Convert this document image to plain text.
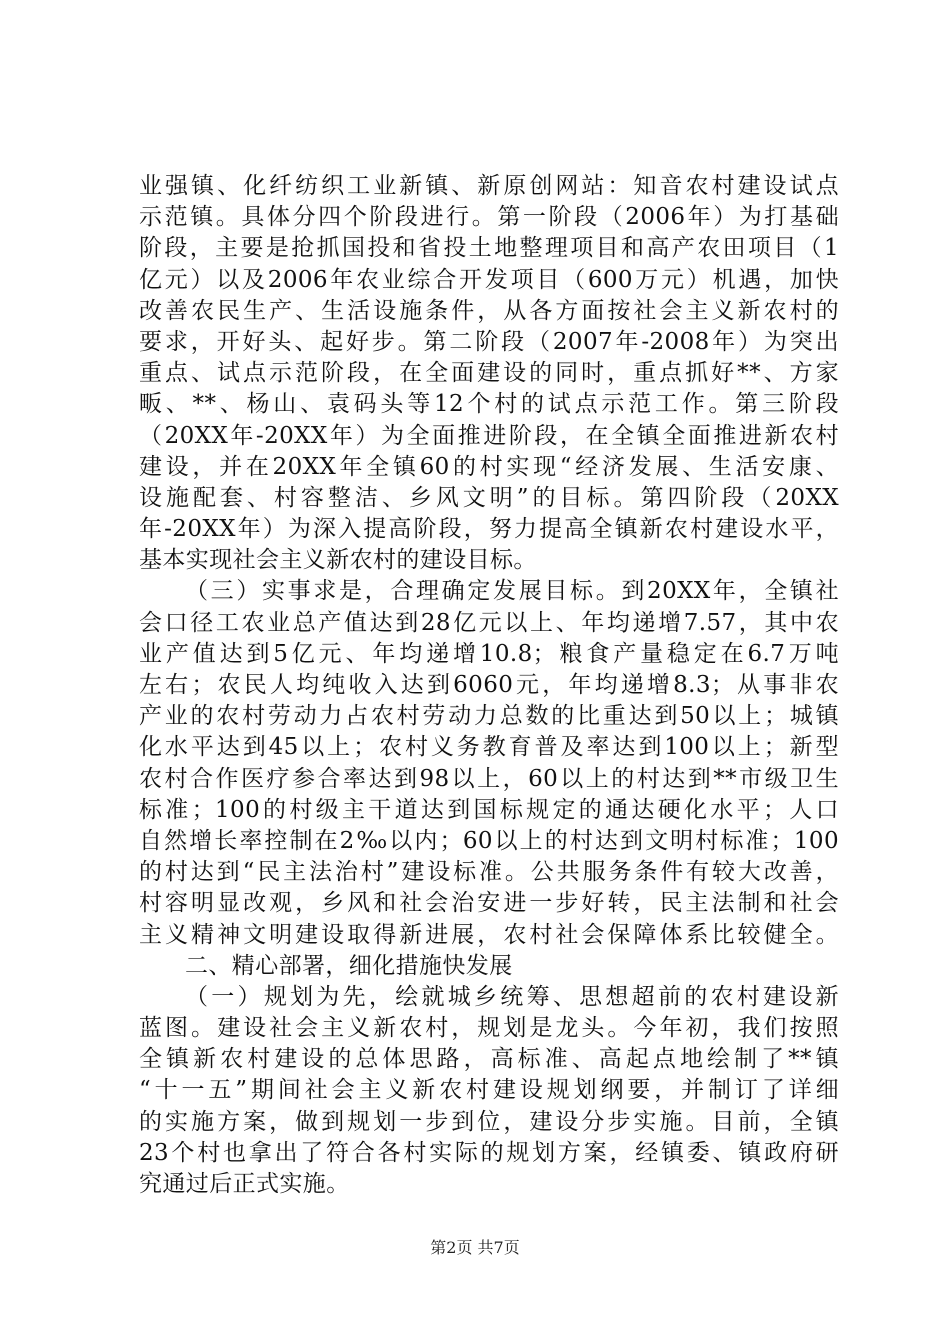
业强镇、化纤纺织工业新镇、新原创网站：知音农村建设试点
示范镇。具体分四个阶段进行。第一阶段（2006年）为打基础
阶段，主要是抢抓国投和省投土地整理项目和高产农田项目（1
亿元）以及2006年农业综合开发项目（600万元）机遇，加快
改善农民生产、生活设施条件，从各方面按社会主义新农村的
要求，开好头、起好步。第二阶段（2007年-2008年）为突出
重点、试点示范阶段，在全面建设的同时，重点抓好**、方家
畈、**、杨山、袁码头等12个村的试点示范工作。第三阶段
（20XX年-20XX年）为全面推进阶段，在全镇全面推进新农村
建设，并在20XX年全镇60的村实现“经济发展、生活安康、
设施配套、村容整洁、乡风文明”的目标。第四阶段（20XX
年-20XX年）为深入提高阶段，努力提高全镇新农村建设水平，
基本实现社会主义新农村的建设目标。
（三）实事求是，合理确定发展目标。到20XX年，全镇社
会口径工农业总产值达到28亿元以上、年均递增7.57，其中农
业产值达到5亿元、年均递增10.8；粮食产量稳定在6.7万吨
左右；农民人均纯收入达到6060元，年均递增8.3；从事非农
产业的农村劳动力占农村劳动力总数的比重达到50以上；城镇
化水平达到45以上；农村义务教育普及率达到100以上；新型
农村合作医疗参合率达到98以上，60以上的村达到**市级卫生
标准；100的村级主干道达到国标规定的通达硬化水平；人口
自然增长率控制在2‰以内；60以上的村达到文明村标准；100
的村达到“民主法治村”建设标准。公共服务条件有较大改善，
村容明显改观，乡风和社会治安进一步好转，民主法制和社会
主义精神文明建设取得新进展，农村社会保障体系比较健全。
二、精心部署，细化措施快发展
（一）规划为先，绘就城乡统筹、思想超前的农村建设新
蓝图。建设社会主义新农村，规划是龙头。今年初，我们按照
全镇新农村建设的总体思路，高标准、高起点地绘制了**镇
“十一五”期间社会主义新农村建设规划纲要，并制订了详细
的实施方案，做到规划一步到位，建设分步实施。目前，全镇
23个村也拿出了符合各村实际的规划方案，经镇委、镇政府研
究通过后正式实施。
第2页 共7页
